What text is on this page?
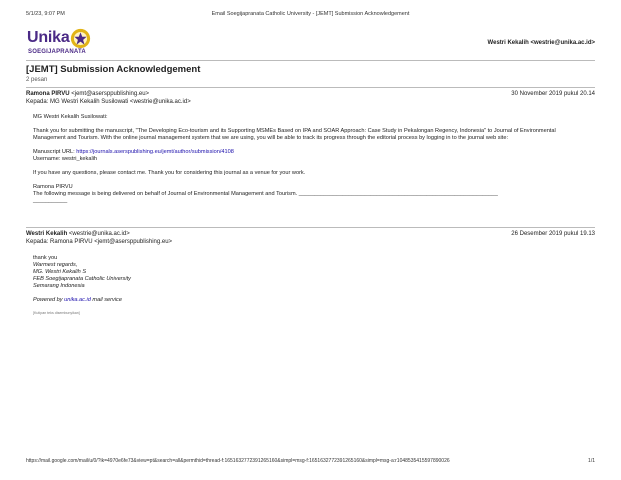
5/1/23, 9:07 PM	Email Soegijapranata Catholic University - [JEMT] Submission Acknowledgement
Unika
SOEGIJAPRANATA
Westri Kekalih <westrie@unika.ac.id>
[JEMT] Submission Acknowledgement
2 pesan
Ramona PIRVU <jemt@asersppublishing.eu>	30 November 2019 pukul 20.14
Kepada: MG Westri Kekalih Susilowati <westrie@unika.ac.id>

MG Westri Kekalih Susilowati:

Thank you for submitting the manuscript, "The Developing Eco-tourism and its Supporting MSMEs Based on IPA and SOAR Approach: Case Study in Pekalongan Regency, Indonesia" to Journal of Environmental Management and Tourism. With the online journal management system that we are using, you will be able to track its progress through the editorial process by logging in to the journal web site:

Manuscript URL: https://journals.aserspublishing.eu/jemt/author/submission/4108

Username: westri_kekalih

If you have any questions, please contact me. Thank you for considering this journal as a venue for your work.

Ramona PIRVU

The following message is being delivered on behalf of Journal of Environmental Management and Tourism. ________________________________________________________________

___________

Westri Kekalih <westrie@unika.ac.id>	26 Desember 2019 pukul 19.13
Kepada: Ramona PIRVU <jemt@asersppublishing.eu>

thank you

Warmest regards,

MG. Westri Kekalih S

FEB Soegijapranata Catholic University

Semarang Indonesia

Powered by unika.ac.id mail service

[Kutipan teks disembunyikan]

https://mail.google.com/mail/u/0/?ik=4970e6fe73&view=pt&search=all&permthid=thread-f:1651632772391265160&simpl=msg-f:1651632772391265160&simpl=msg-a:r1048535415597890026	1/1
